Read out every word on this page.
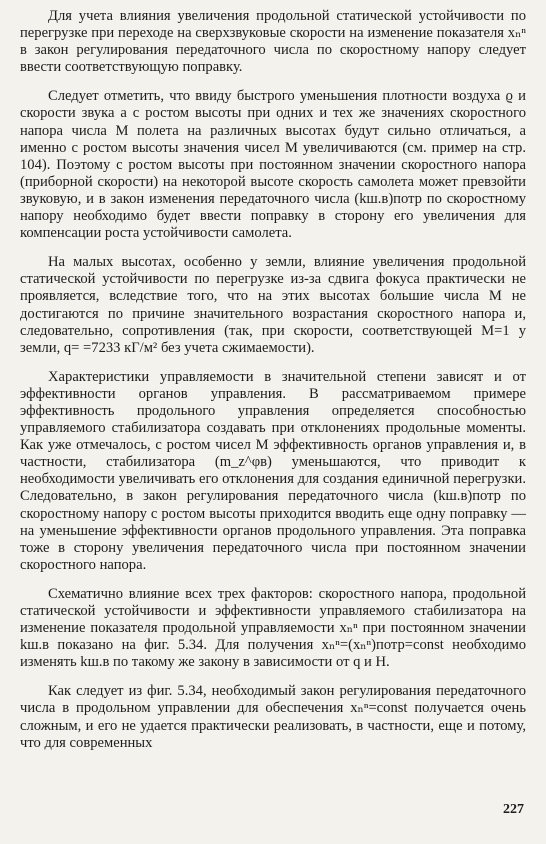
Для учета влияния увеличения продольной статической устойчивости по перегрузке при переходе на сверхзвуковые скорости на изменение показателя xₙⁿ в закон регулирования передаточного числа по скоростному напору следует ввести соответствующую поправку.

Следует отметить, что ввиду быстрого уменьшения плотности воздуха ϱ и скорости звука a с ростом высоты при одних и тех же значениях скоростного напора числа М полета на различных высотах будут сильно отличаться, а именно с ростом высоты значения чисел М увеличиваются (см. пример на стр. 104). Поэтому с ростом высоты при постоянном значении скоростного напора (приборной скорости) на некоторой высоте скорость самолета может превзойти звуковую, и в закон изменения передаточного числа (kш.в)потр по скоростному напору необходимо будет ввести поправку в сторону его увеличения для компенсации роста устойчивости самолета.

На малых высотах, особенно у земли, влияние увеличения продольной статической устойчивости по перегрузке из-за сдвига фокуса практически не проявляется, вследствие того, что на этих высотах большие числа М не достигаются по причине значительного возрастания скоростного напора и, следовательно, сопротивления (так, при скорости, соответствующей М=1 у земли, q= =7233 кГ/м² без учета сжимаемости).

Характеристики управляемости в значительной степени зависят и от эффективности органов управления. В рассматриваемом примере эффективность продольного управления определяется способностью управляемого стабилизатора создавать при отклонениях продольные моменты. Как уже отмечалось, с ростом чисел М эффективность органов управления и, в частности, стабилизатора (m_z^φв) уменьшаются, что приводит к необходимости увеличивать его отклонения для создания единичной перегрузки. Следовательно, в закон регулирования передаточного числа (kш.в)потр по скоростному напору с ростом высоты приходится вводить еще одну поправку — на уменьшение эффективности органов продольного управления. Эта поправка тоже в сторону увеличения передаточного числа при постоянном значении скоростного напора.

Схематично влияние всех трех факторов: скоростного напора, продольной статической устойчивости и эффективности управляемого стабилизатора на изменение показателя продольной управляемости xₙⁿ при постоянном значении kш.в показано на фиг. 5.34. Для получения xₙⁿ=(xₙⁿ)потр=const необходимо изменять kш.в по такому же закону в зависимости от q и H.

Как следует из фиг. 5.34, необходимый закон регулирования передаточного числа в продольном управлении для обеспечения xₙⁿ=const получается очень сложным, и его не удается практически реализовать, в частности, еще и потому, что для современных

227
